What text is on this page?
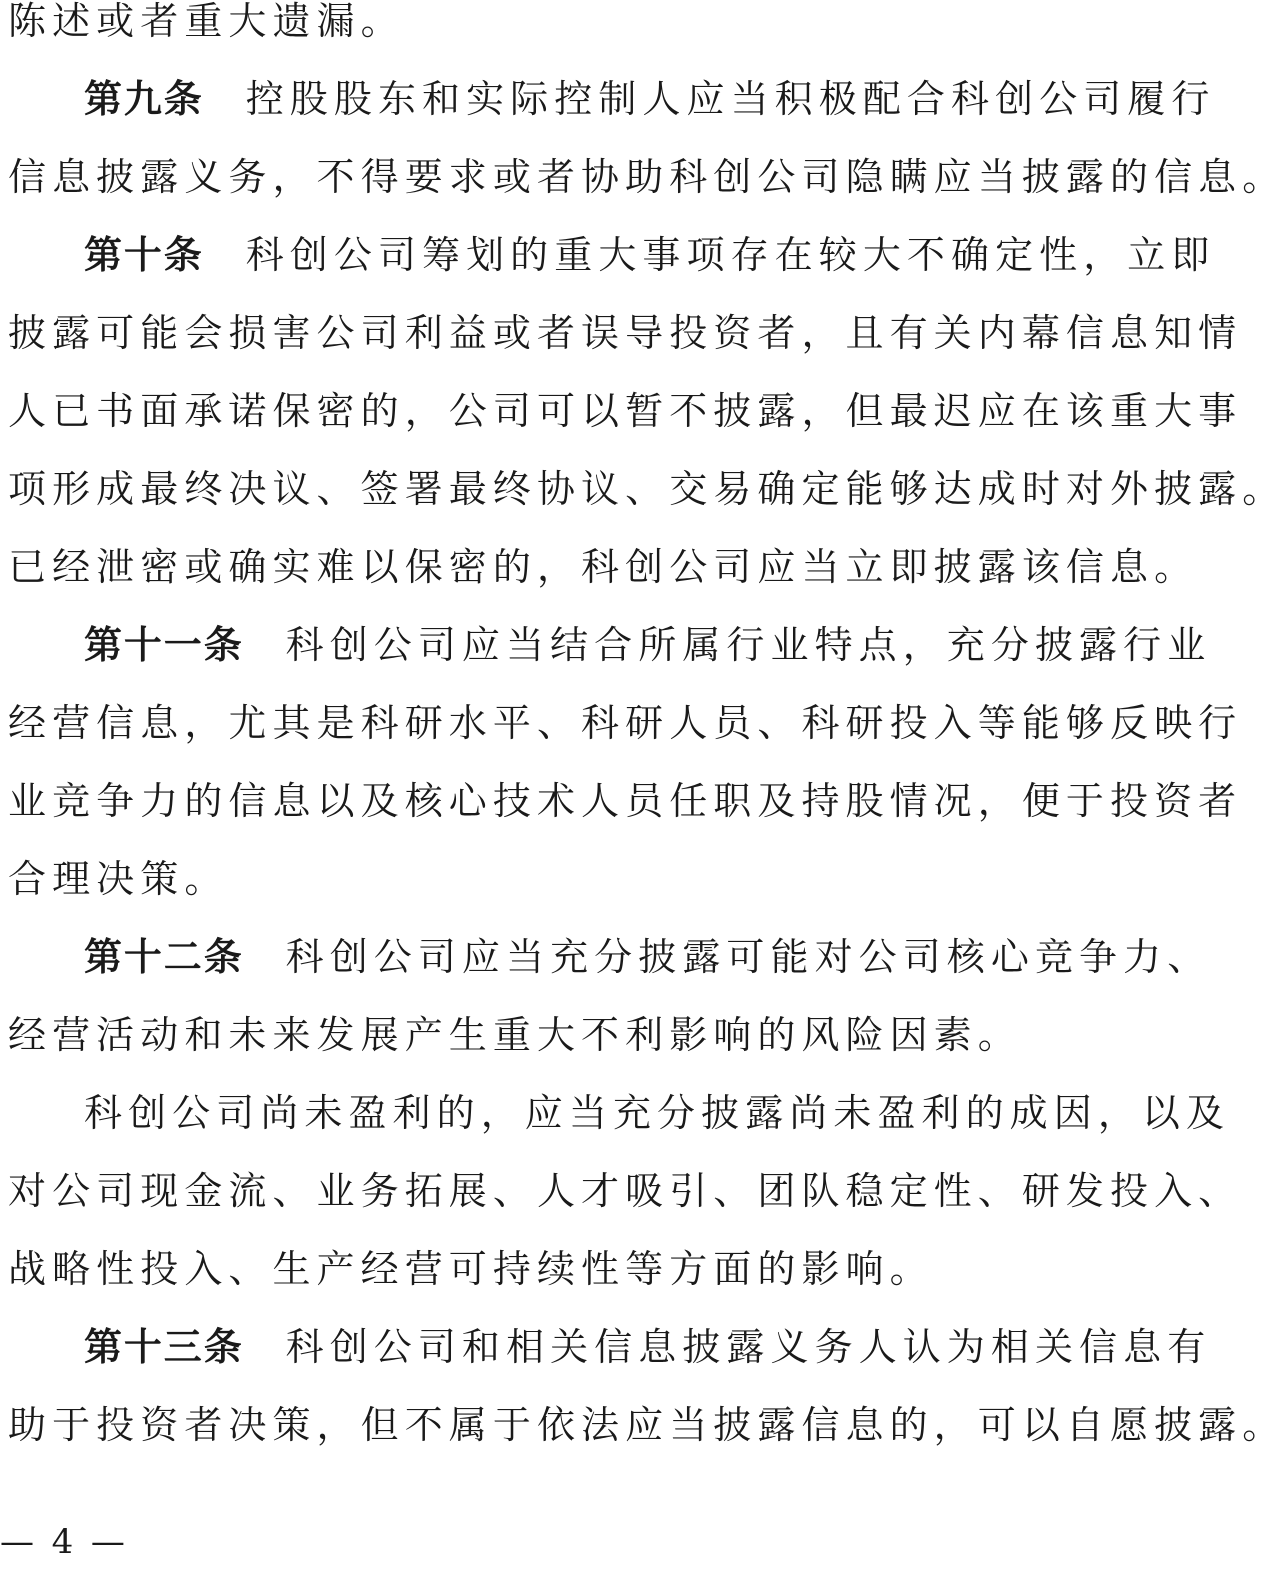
陈述或者重大遗漏。
第九条 控股股东和实际控制人应当积极配合科创公司履行
信息披露义务，不得要求或者协助科创公司隐瞒应当披露的信息。
第十条 科创公司筹划的重大事项存在较大不确定性，立即
披露可能会损害公司利益或者误导投资者，且有关内幕信息知情
人已书面承诺保密的，公司可以暂不披露，但最迟应在该重大事
项形成最终决议、签署最终协议、交易确定能够达成时对外披露。
已经泄密或确实难以保密的，科创公司应当立即披露该信息。
第十一条 科创公司应当结合所属行业特点，充分披露行业
经营信息，尤其是科研水平、科研人员、科研投入等能够反映行
业竞争力的信息以及核心技术人员任职及持股情况，便于投资者
合理决策。
第十二条 科创公司应当充分披露可能对公司核心竞争力、
经营活动和未来发展产生重大不利影响的风险因素。
科创公司尚未盈利的，应当充分披露尚未盈利的成因，以及
对公司现金流、业务拓展、人才吸引、团队稳定性、研发投入、
战略性投入、生产经营可持续性等方面的影响。
第十三条 科创公司和相关信息披露义务人认为相关信息有
助于投资者决策，但不属于依法应当披露信息的，可以自愿披露。
— 4 —
